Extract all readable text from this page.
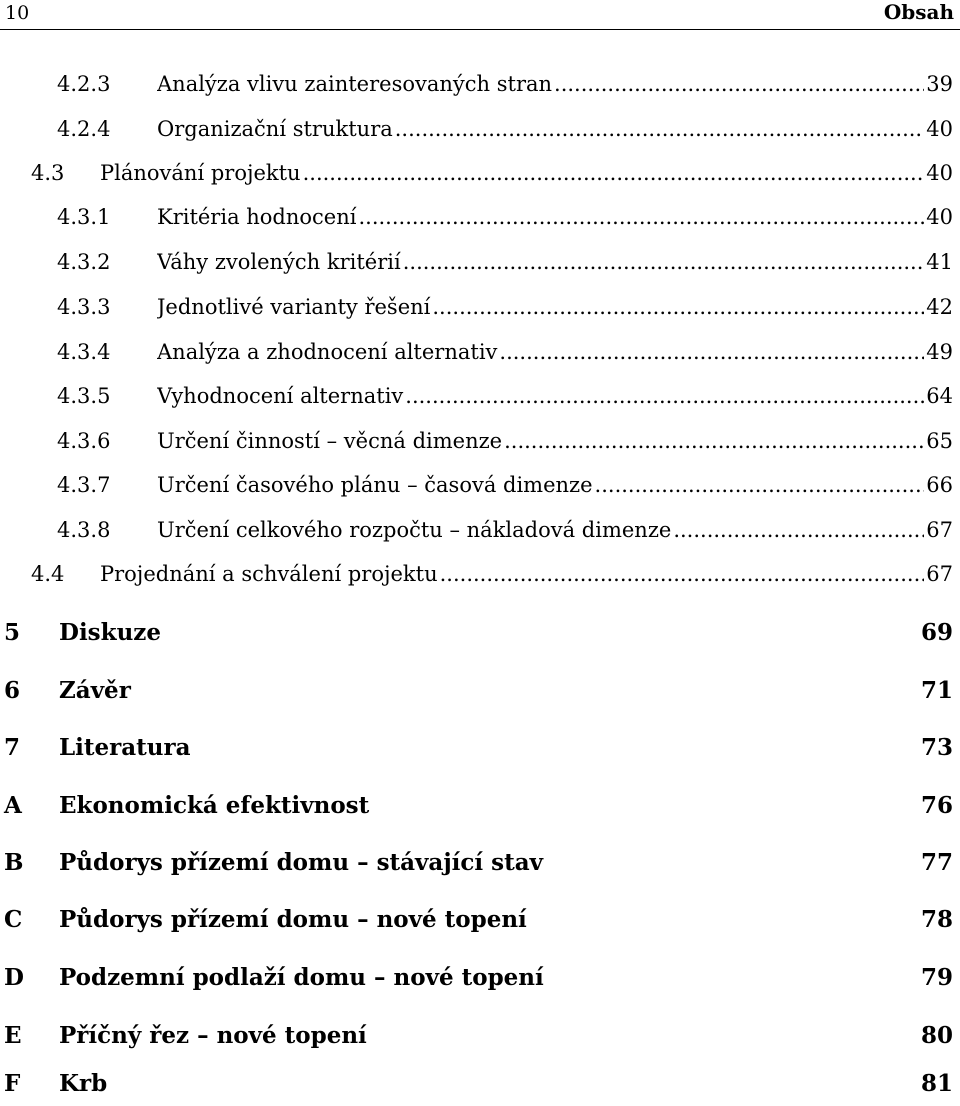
10	Obsah
4.2.3 Analýza vlivu zainteresovaných stran .....	39
4.2.4 Organizační struktura .....	40
4.3 Plánování projektu .....	40
4.3.1 Kritéria hodnocení .....	40
4.3.2 Váhy zvolených kritérií .....	41
4.3.3 Jednotlivé varianty řešení .....	42
4.3.4 Analýza a zhodnocení alternativ .....	49
4.3.5 Vyhodnocení alternativ .....	64
4.3.6 Určení činností – věcná dimenze .....	65
4.3.7 Určení časového plánu – časová dimenze .....	66
4.3.8 Určení celkového rozpočtu – nákladová dimenze .....	67
4.4 Projednání a schválení projektu .....	67
5 Diskuze	69
6 Závěr	71
7 Literatura	73
A Ekonomická efektivnost	76
B Půdorys přízemí domu – stávající stav	77
C Půdorys přízemí domu – nové topení	78
D Podzemní podlaží domu – nové topení	79
E Příčný řez – nové topení	80
F Krb	81
